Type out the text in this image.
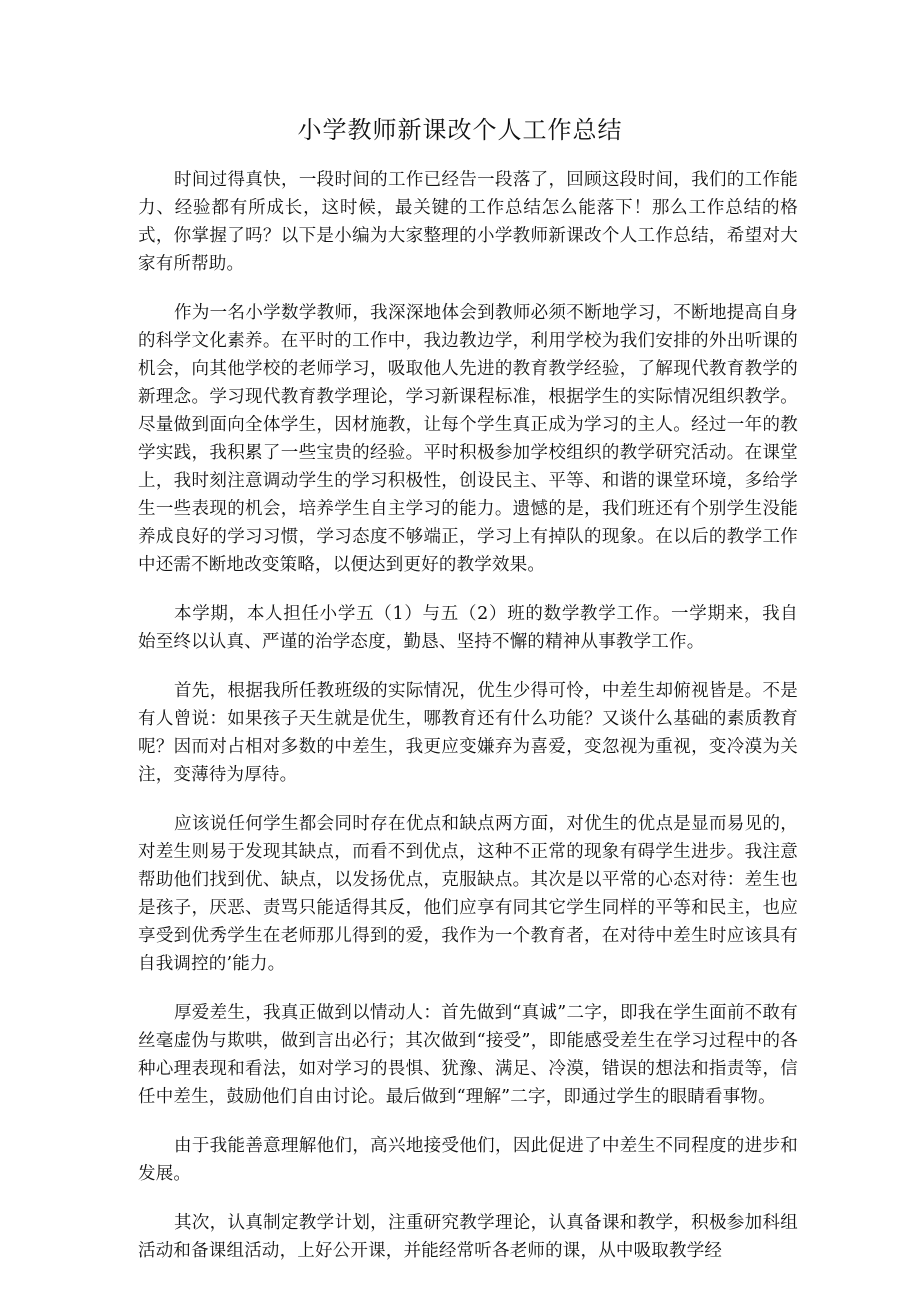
小学教师新课改个人工作总结

时间过得真快，一段时间的工作已经告一段落了，回顾这段时间，我们的工作能力、经验都有所成长，这时候，最关键的工作总结怎么能落下！那么工作总结的格式，你掌握了吗？以下是小编为大家整理的小学教师新课改个人工作总结，希望对大家有所帮助。

作为一名小学数学教师，我深深地体会到教师必须不断地学习，不断地提高自身的科学文化素养。在平时的工作中，我边教边学，利用学校为我们安排的外出听课的机会，向其他学校的老师学习，吸取他人先进的教育教学经验，了解现代教育教学的新理念。学习现代教育教学理论，学习新课程标准，根据学生的实际情况组织教学。尽量做到面向全体学生，因材施教，让每个学生真正成为学习的主人。经过一年的教学实践，我积累了一些宝贵的经验。平时积极参加学校组织的教学研究活动。在课堂上，我时刻注意调动学生的学习积极性，创设民主、平等、和谐的课堂环境，多给学生一些表现的机会，培养学生自主学习的能力。遗憾的是，我们班还有个别学生没能养成良好的学习习惯，学习态度不够端正，学习上有掉队的现象。在以后的教学工作中还需不断地改变策略，以便达到更好的教学效果。

本学期，本人担任小学五（1）与五（2）班的数学教学工作。一学期来，我自始至终以认真、严谨的治学态度，勤恳、坚持不懈的精神从事教学工作。

首先，根据我所任教班级的实际情况，优生少得可怜，中差生却俯视皆是。不是有人曾说：如果孩子天生就是优生，哪教育还有什么功能？又谈什么基础的素质教育呢？因而对占相对多数的中差生，我更应变嫌弃为喜爱，变忽视为重视，变冷漠为关注，变薄待为厚待。

应该说任何学生都会同时存在优点和缺点两方面，对优生的优点是显而易见的，对差生则易于发现其缺点，而看不到优点，这种不正常的现象有碍学生进步。我注意帮助他们找到优、缺点，以发扬优点，克服缺点。其次是以平常的心态对待：差生也是孩子，厌恶、责骂只能适得其反，他们应享有同其它学生同样的平等和民主，也应享受到优秀学生在老师那儿得到的爱，我作为一个教育者，在对待中差生时应该具有自我调控的’能力。

厚爱差生，我真正做到以情动人：首先做到“真诚”二字，即我在学生面前不敢有丝毫虚伪与欺哄，做到言出必行；其次做到“接受”，即能感受差生在学习过程中的各种心理表现和看法，如对学习的畏惧、犹豫、满足、冷漠，错误的想法和指责等，信任中差生，鼓励他们自由讨论。最后做到“理解”二字，即通过学生的眼睛看事物。

由于我能善意理解他们，高兴地接受他们，因此促进了中差生不同程度的进步和发展。

其次，认真制定教学计划，注重研究教学理论，认真备课和教学，积极参加科组活动和备课组活动，上好公开课，并能经常听各老师的课，从中吸取教学经
